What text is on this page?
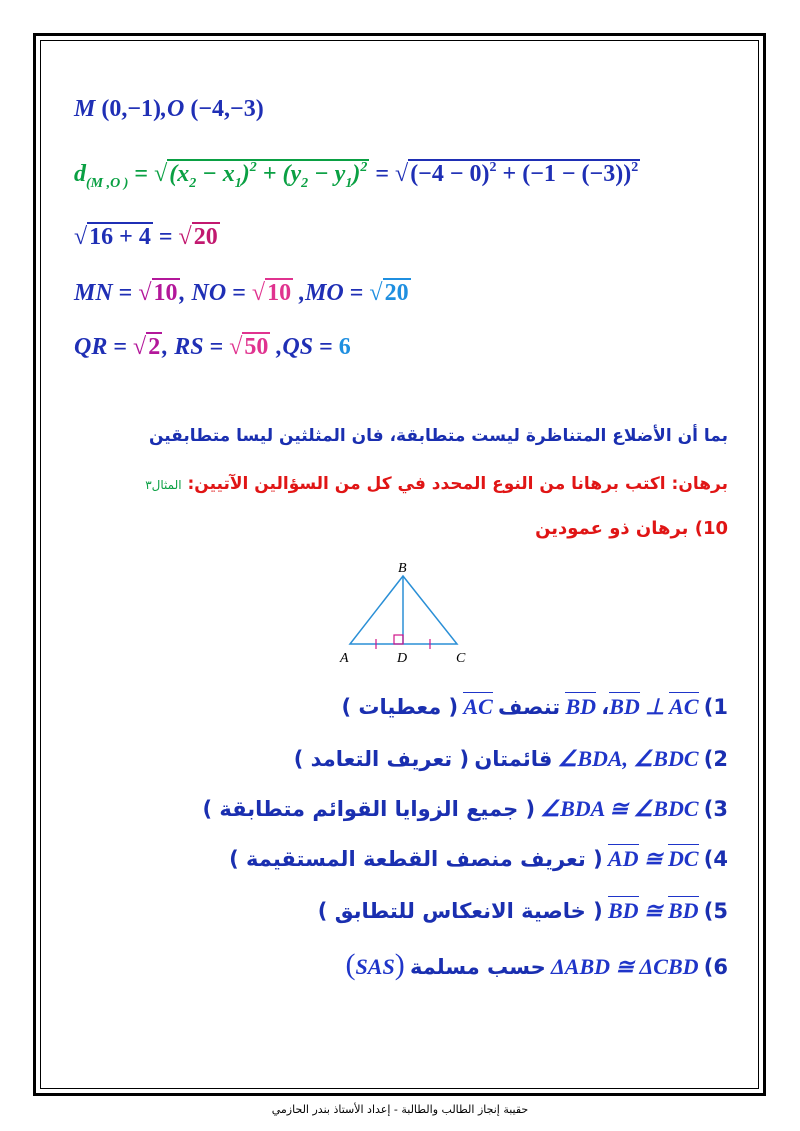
M (0,−1),O (−4,−3)
$d_{(M ,O )} = √(x_2 - x_1)^2 + (y_2 - y_1)^2 = √(-4 - 0)^2 + (-1 - (-3))^2$
√16 + 4 = √20
MN = √10, NO = √10 ,MO = √20
QR = √2, RS = √50 ,QS = 6
بما أن الأضلاع المتناظرة ليست متطابقة، فان المثلثين ليسا متطابقين
برهان: اكتب برهانا من النوع المحدد في كل من السؤالين الآتيين: المثال٣
10) برهان ذو عمودين
B
A	D	C
1) BD ⊥ AC، BD تنصف AC ( معطيات )
2) ∠BDA, ∠BDC قائمتان ( تعريف التعامد )
3) ∠BDA ≅ ∠BDC ( جميع الزوايا القوائم متطابقة )
4) AD ≅ DC ( تعريف منصف القطعة المستقيمة )
5) BD ≅ BD ( خاصية الانعكاس للتطابق )
6) ΔABD ≅ ΔCBD حسب مسلمة (SAS)
حقيبة إنجاز الطالب والطالبة - إعداد الأستاذ بندر الحازمي
